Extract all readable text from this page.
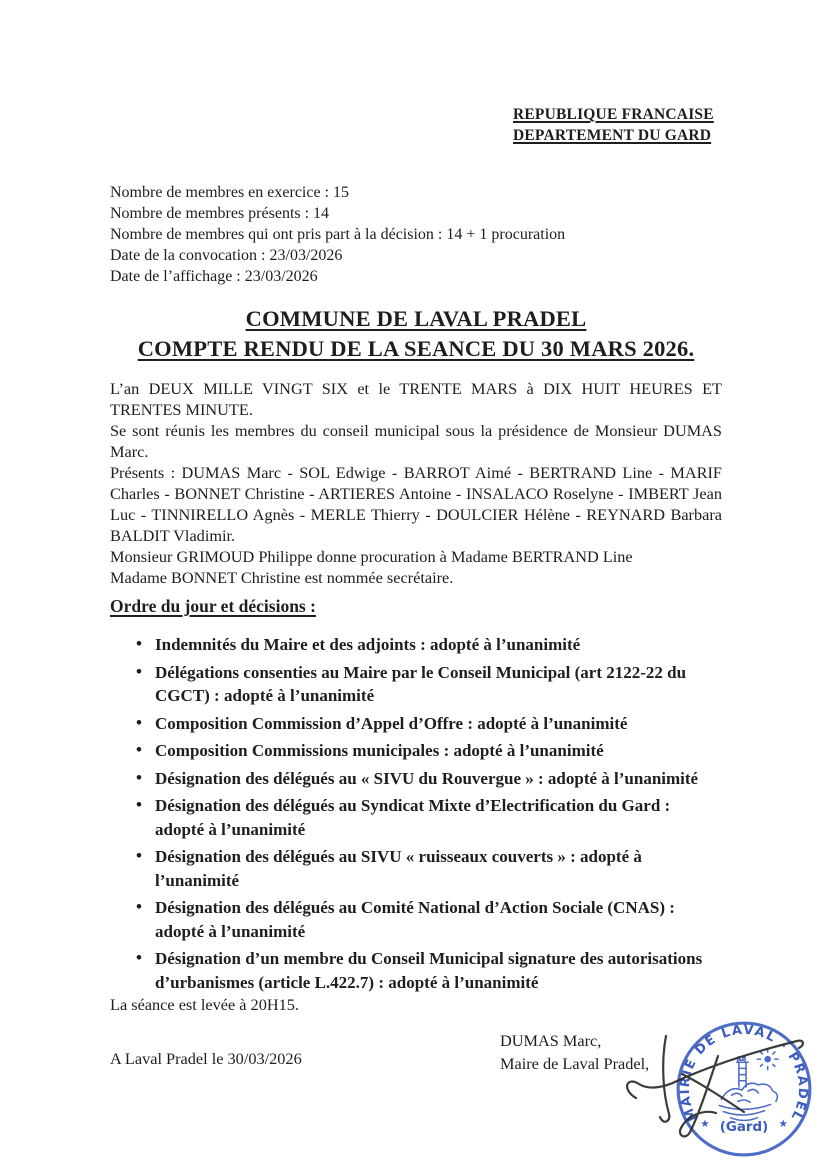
REPUBLIQUE FRANCAISE
DEPARTEMENT DU GARD
Nombre de membres en exercice : 15
Nombre de membres présents : 14
Nombre de membres qui ont pris part à la décision : 14 + 1 procuration
Date de la convocation : 23/03/2026
Date de l’affichage : 23/03/2026
COMMUNE DE LAVAL PRADEL
COMPTE RENDU DE LA SEANCE DU 30 MARS 2026.

L’an DEUX MILLE VINGT SIX et le TRENTE MARS à DIX HUIT HEURES ET TRENTES MINUTE.

Se sont réunis les membres du conseil municipal sous la présidence de Monsieur DUMAS Marc.

Présents : DUMAS Marc - SOL Edwige - BARROT Aimé - BERTRAND Line - MARIF Charles - BONNET Christine - ARTIERES Antoine - INSALACO Roselyne - IMBERT Jean Luc - TINNIRELLO Agnès - MERLE Thierry - DOULCIER Hélène - REYNARD Barbara BALDIT Vladimir.

Monsieur GRIMOUD Philippe donne procuration à Madame BERTRAND Line

Madame BONNET Christine est nommée secrétaire.

Ordre du jour et décisions :
• Indemnités du Maire et des adjoints : adopté à l’unanimité
• Délégations consenties au Maire par le Conseil Municipal (art 2122-22 du CGCT) : adopté à l’unanimité
• Composition Commission d’Appel d’Offre : adopté à l’unanimité
• Composition Commissions municipales : adopté à l’unanimité
• Désignation des délégués au « SIVU du Rouvergue » : adopté à l’unanimité
• Désignation des délégués au Syndicat Mixte d’Electrification du Gard : adopté à l’unanimité
• Désignation des délégués au SIVU « ruisseaux couverts » : adopté à l’unanimité
• Désignation des délégués au Comité National d’Action Sociale (CNAS) : adopté à l’unanimité
• Désignation d’un membre du Conseil Municipal signature des autorisations d’urbanismes (article L.422.7) : adopté à l’unanimité
La séance est levée à 20H15.
A Laval Pradel le 30/03/2026
DUMAS Marc,
Maire de Laval Pradel,
MAIRIE DE LAVAL - PRADEL
(Gard)
★	★
